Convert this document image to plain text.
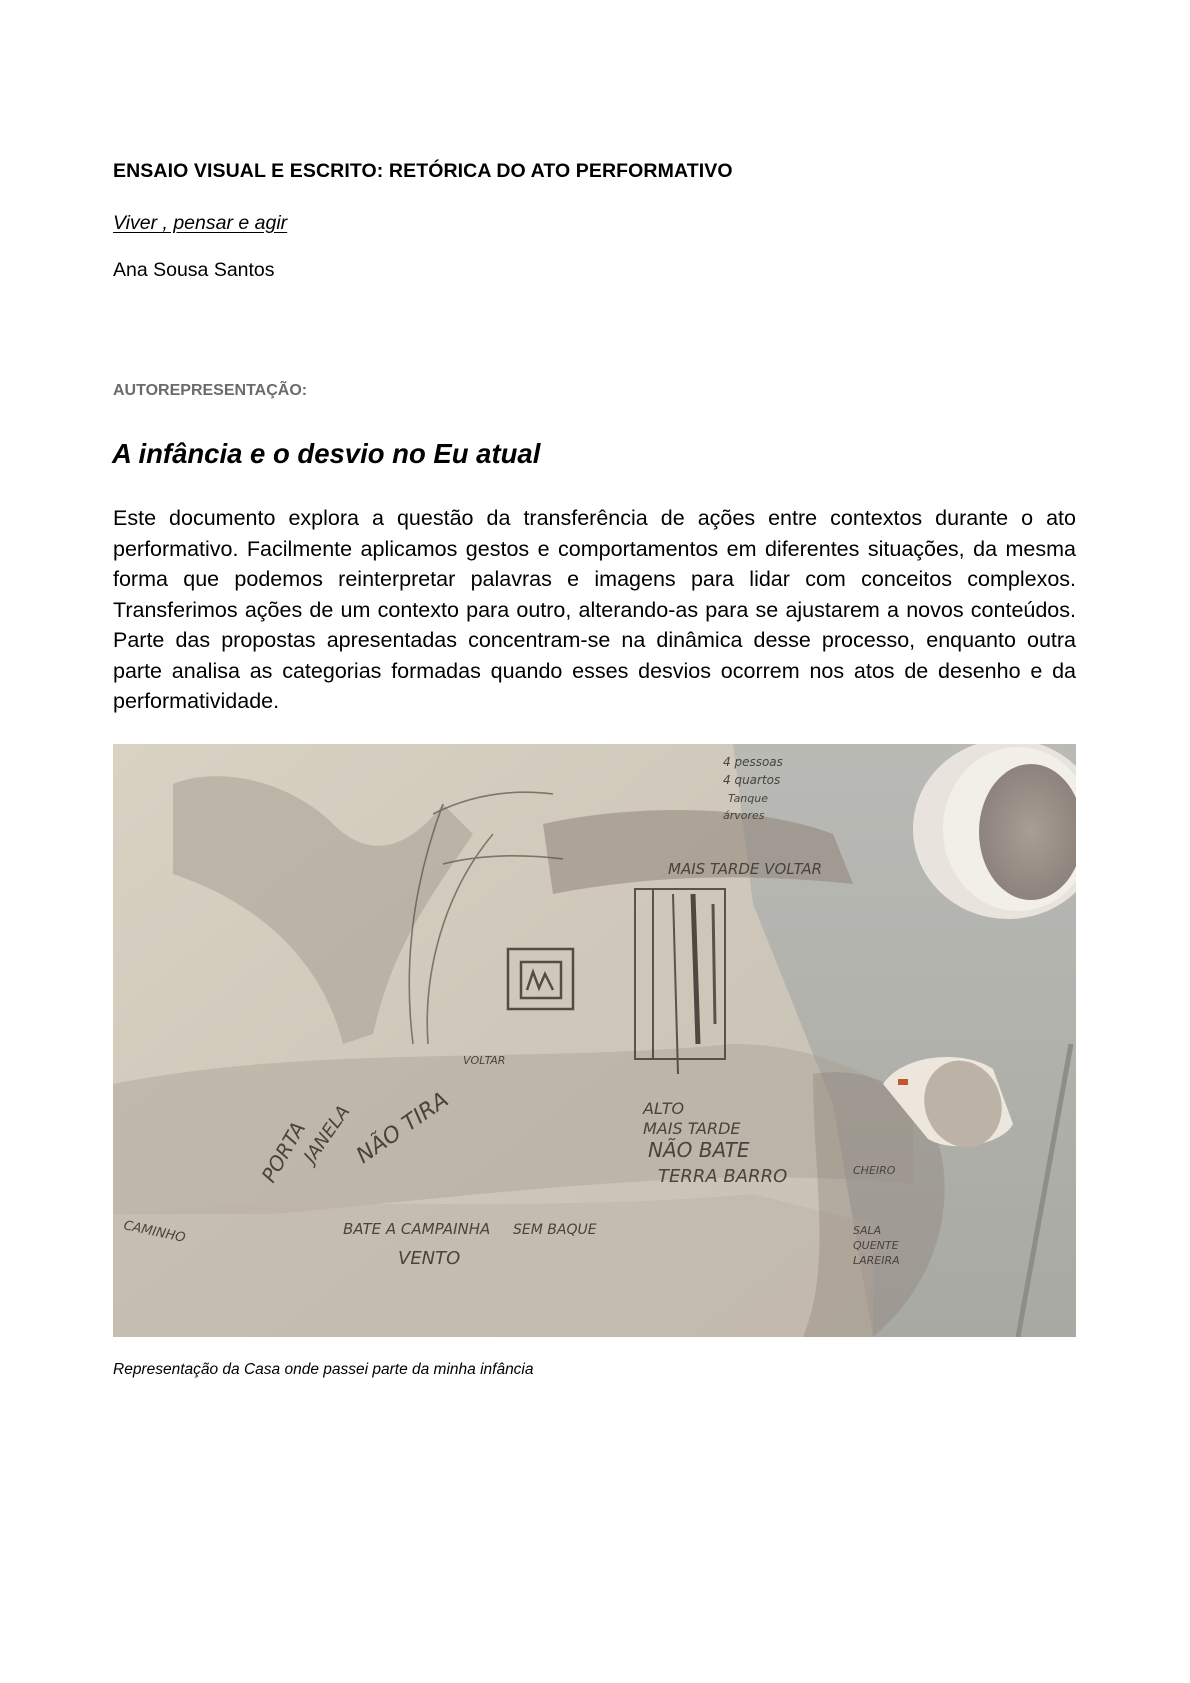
ENSAIO VISUAL E ESCRITO: RETÓRICA DO ATO PERFORMATIVO
Viver , pensar e agir
Ana Sousa Santos
AUTOREPRESENTAÇÃO:
A infância e o desvio no Eu atual

Este documento explora a questão da transferência de ações entre contextos durante o ato performativo. Facilmente aplicamos gestos e comportamentos em diferentes situações, da mesma forma que podemos reinterpretar palavras e imagens para lidar com conceitos complexos. Transferimos ações de um contexto para outro, alterando-as para se ajustarem a novos conteúdos. Parte das propostas apresentadas concentram-se na dinâmica desse processo, enquanto outra parte analisa as categorias formadas quando esses desvios ocorrem nos atos de desenho e da performatividade.

4 pessoas
4 quartos
Tanque
árvores
MAIS TARDE VOLTAR
VOLTAR
PORTA
JANELA
NÃO TIRA	ALTO
MAIS TARDE
NÃO BATE
TERRA BARRO
CAMINHO	BATE A CAMPAINHA SEM BAQUE
VENTO
CHEIRO
SALA
QUENTE
LAREIRA
Representação da Casa onde passei parte da minha infância
